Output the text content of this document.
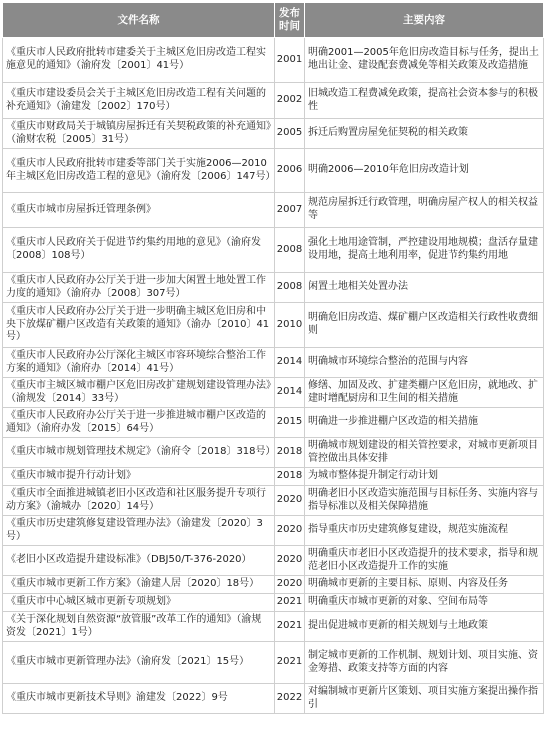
文件名称	发布时间	主要内容
《重庆市人民政府批转市建委关于主城区危旧房改造工程实施意见的通知》（渝府发〔2001〕41号）	2001	明确2001—2005年危旧房改造目标与任务，提出土地出让金、建设配套费减免等相关政策及改造措施
《重庆市建设委员会关于主城区危旧房改造工程有关问题的补充通知》（渝建发〔2002〕170号）	2002	旧城改造工程费减免政策，提高社会资本参与的积极性
《重庆市财政局关于城镇房屋拆迁有关契税政策的补充通知》（渝财农税〔2005〕31号）	2005	拆迁后购置房屋免征契税的相关政策
《重庆市人民政府批转市建委等部门关于实施2006—2010年主城区危旧房改造工程的意见》（渝府发〔2006〕147号）	2006	明确2006—2010年危旧房改造计划
《重庆市城市房屋拆迁管理条例》	2007	规范房屋拆迁行政管理，明确房屋产权人的相关权益等
《重庆市人民政府关于促进节约集约用地的意见》（渝府发〔2008〕108号）	2008	强化土地用途管制，严控建设用地规模；盘活存量建设用地，提高土地利用率，促进节约集约用地
《重庆市人民政府办公厅关于进一步加大闲置土地处置工作力度的通知》（渝府办〔2008〕307号）	2008	闲置土地相关处置办法
《重庆市人民政府办公厅关于进一步明确主城区危旧房和中央下放煤矿棚户区改造有关政策的通知》（渝办〔2010〕41号）	2010	明确危旧房改造、煤矿棚户区改造相关行政性收费细则
《重庆市人民政府办公厅深化主城区市容环境综合整治工作方案的通知》（渝府办〔2014〕41号）	2014	明确城市环境综合整治的范围与内容
《重庆市主城区城市棚户区危旧房改扩建规划建设管理办法》（渝规发〔2014〕33号）	2014	修缮、加固及改、扩建类棚户区危旧房，就地改、扩建时增配厨房和卫生间的相关措施
《重庆市人民政府办公厅关于进一步推进城市棚户区改造的通知》（渝府办发〔2015〕64号）	2015	明确进一步推进棚户区改造的相关措施
《重庆市城市规划管理技术规定》（渝府令〔2018〕318号）	2018	明确城市规划建设的相关管控要求，对城市更新项目管控做出具体安排
《重庆市城市提升行动计划》	2018	为城市整体提升制定行动计划
《重庆市全面推进城镇老旧小区改造和社区服务提升专项行动方案》（渝城办〔2020〕14号）	2020	明确老旧小区改造实施范围与目标任务、实施内容与指导标准以及相关保障措施
《重庆市历史建筑修复建设管理办法》（渝建发〔2020〕3号）	2020	指导重庆市历史建筑修复建设，规范实施流程
《老旧小区改造提升建设标准》（DBJ50/T-376-2020）	2020	明确重庆市老旧小区改造提升的技术要求，指导和规范老旧小区改造提升工作的实施
《重庆市城市更新工作方案》（渝建人居〔2020〕18号）	2020	明确城市更新的主要目标、原则、内容及任务
《重庆市中心城区城市更新专项规划》	2021	明确重庆市城市更新的对象、空间布局等
《关于深化规划自然资源“放管服”改革工作的通知》（渝规资发〔2021〕1号）	2021	提出促进城市更新的相关规划与土地政策
《重庆市城市更新管理办法》（渝府发〔2021〕15号）	2021	制定城市更新的工作机制、规划计划、项目实施、资金筹措、政策支持等方面的内容
《重庆市城市更新技术导则》渝建发〔2022〕9号	2022	对编制城市更新片区策划、项目实施方案提出操作指引
